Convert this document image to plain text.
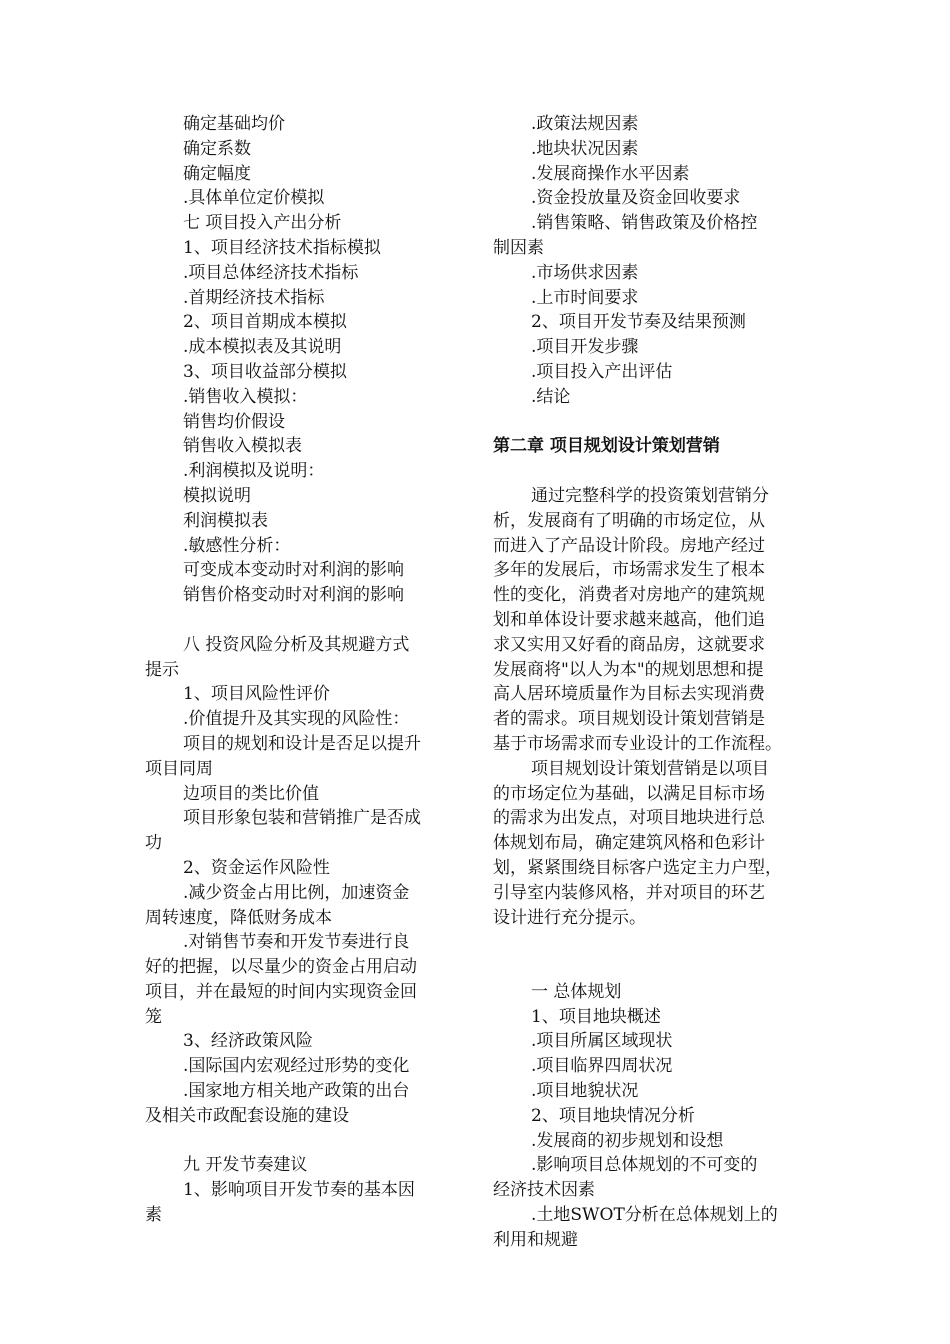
确定基础均价
确定系数
确定幅度
.具体单位定价模拟
七 项目投入产出分析
1、项目经济技术指标模拟
.项目总体经济技术指标
.首期经济技术指标
2、项目首期成本模拟
.成本模拟表及其说明
3、项目收益部分模拟
.销售收入模拟：
销售均价假设
销售收入模拟表
.利润模拟及说明：
模拟说明
利润模拟表
.敏感性分析：
可变成本变动时对利润的影响
销售价格变动时对利润的影响
八 投资风险分析及其规避方式
提示
1、项目风险性评价
.价值提升及其实现的风险性：
项目的规划和设计是否足以提升
项目同周
边项目的类比价值
项目形象包装和营销推广是否成
功
2、资金运作风险性
.减少资金占用比例，加速资金
周转速度，降低财务成本
.对销售节奏和开发节奏进行良
好的把握，以尽量少的资金占用启动
项目，并在最短的时间内实现资金回
笼
3、经济政策风险
.国际国内宏观经过形势的变化
.国家地方相关地产政策的出台
及相关市政配套设施的建设
九 开发节奏建议
1、影响项目开发节奏的基本因
素
.政策法规因素
.地块状况因素
.发展商操作水平因素
.资金投放量及资金回收要求
.销售策略、销售政策及价格控
制因素
.市场供求因素
.上市时间要求
2、项目开发节奏及结果预测
.项目开发步骤
.项目投入产出评估
.结论
第二章 项目规划设计策划营销
通过完整科学的投资策划营销分
析，发展商有了明确的市场定位，从
而进入了产品设计阶段。房地产经过
多年的发展后，市场需求发生了根本
性的变化，消费者对房地产的建筑规
划和单体设计要求越来越高，他们追
求又实用又好看的商品房，这就要求
发展商将"以人为本"的规划思想和提
高人居环境质量作为目标去实现消费
者的需求。项目规划设计策划营销是
基于市场需求而专业设计的工作流程。
项目规划设计策划营销是以项目
的市场定位为基础，以满足目标市场
的需求为出发点，对项目地块进行总
体规划布局，确定建筑风格和色彩计
划，紧紧围绕目标客户选定主力户型，
引导室内装修风格，并对项目的环艺
设计进行充分提示。
一 总体规划
1、项目地块概述
.项目所属区域现状
.项目临界四周状况
.项目地貌状况
2、项目地块情况分析
.发展商的初步规划和设想
.影响项目总体规划的不可变的
经济技术因素
.土地SWOT分析在总体规划上的
利用和规避
